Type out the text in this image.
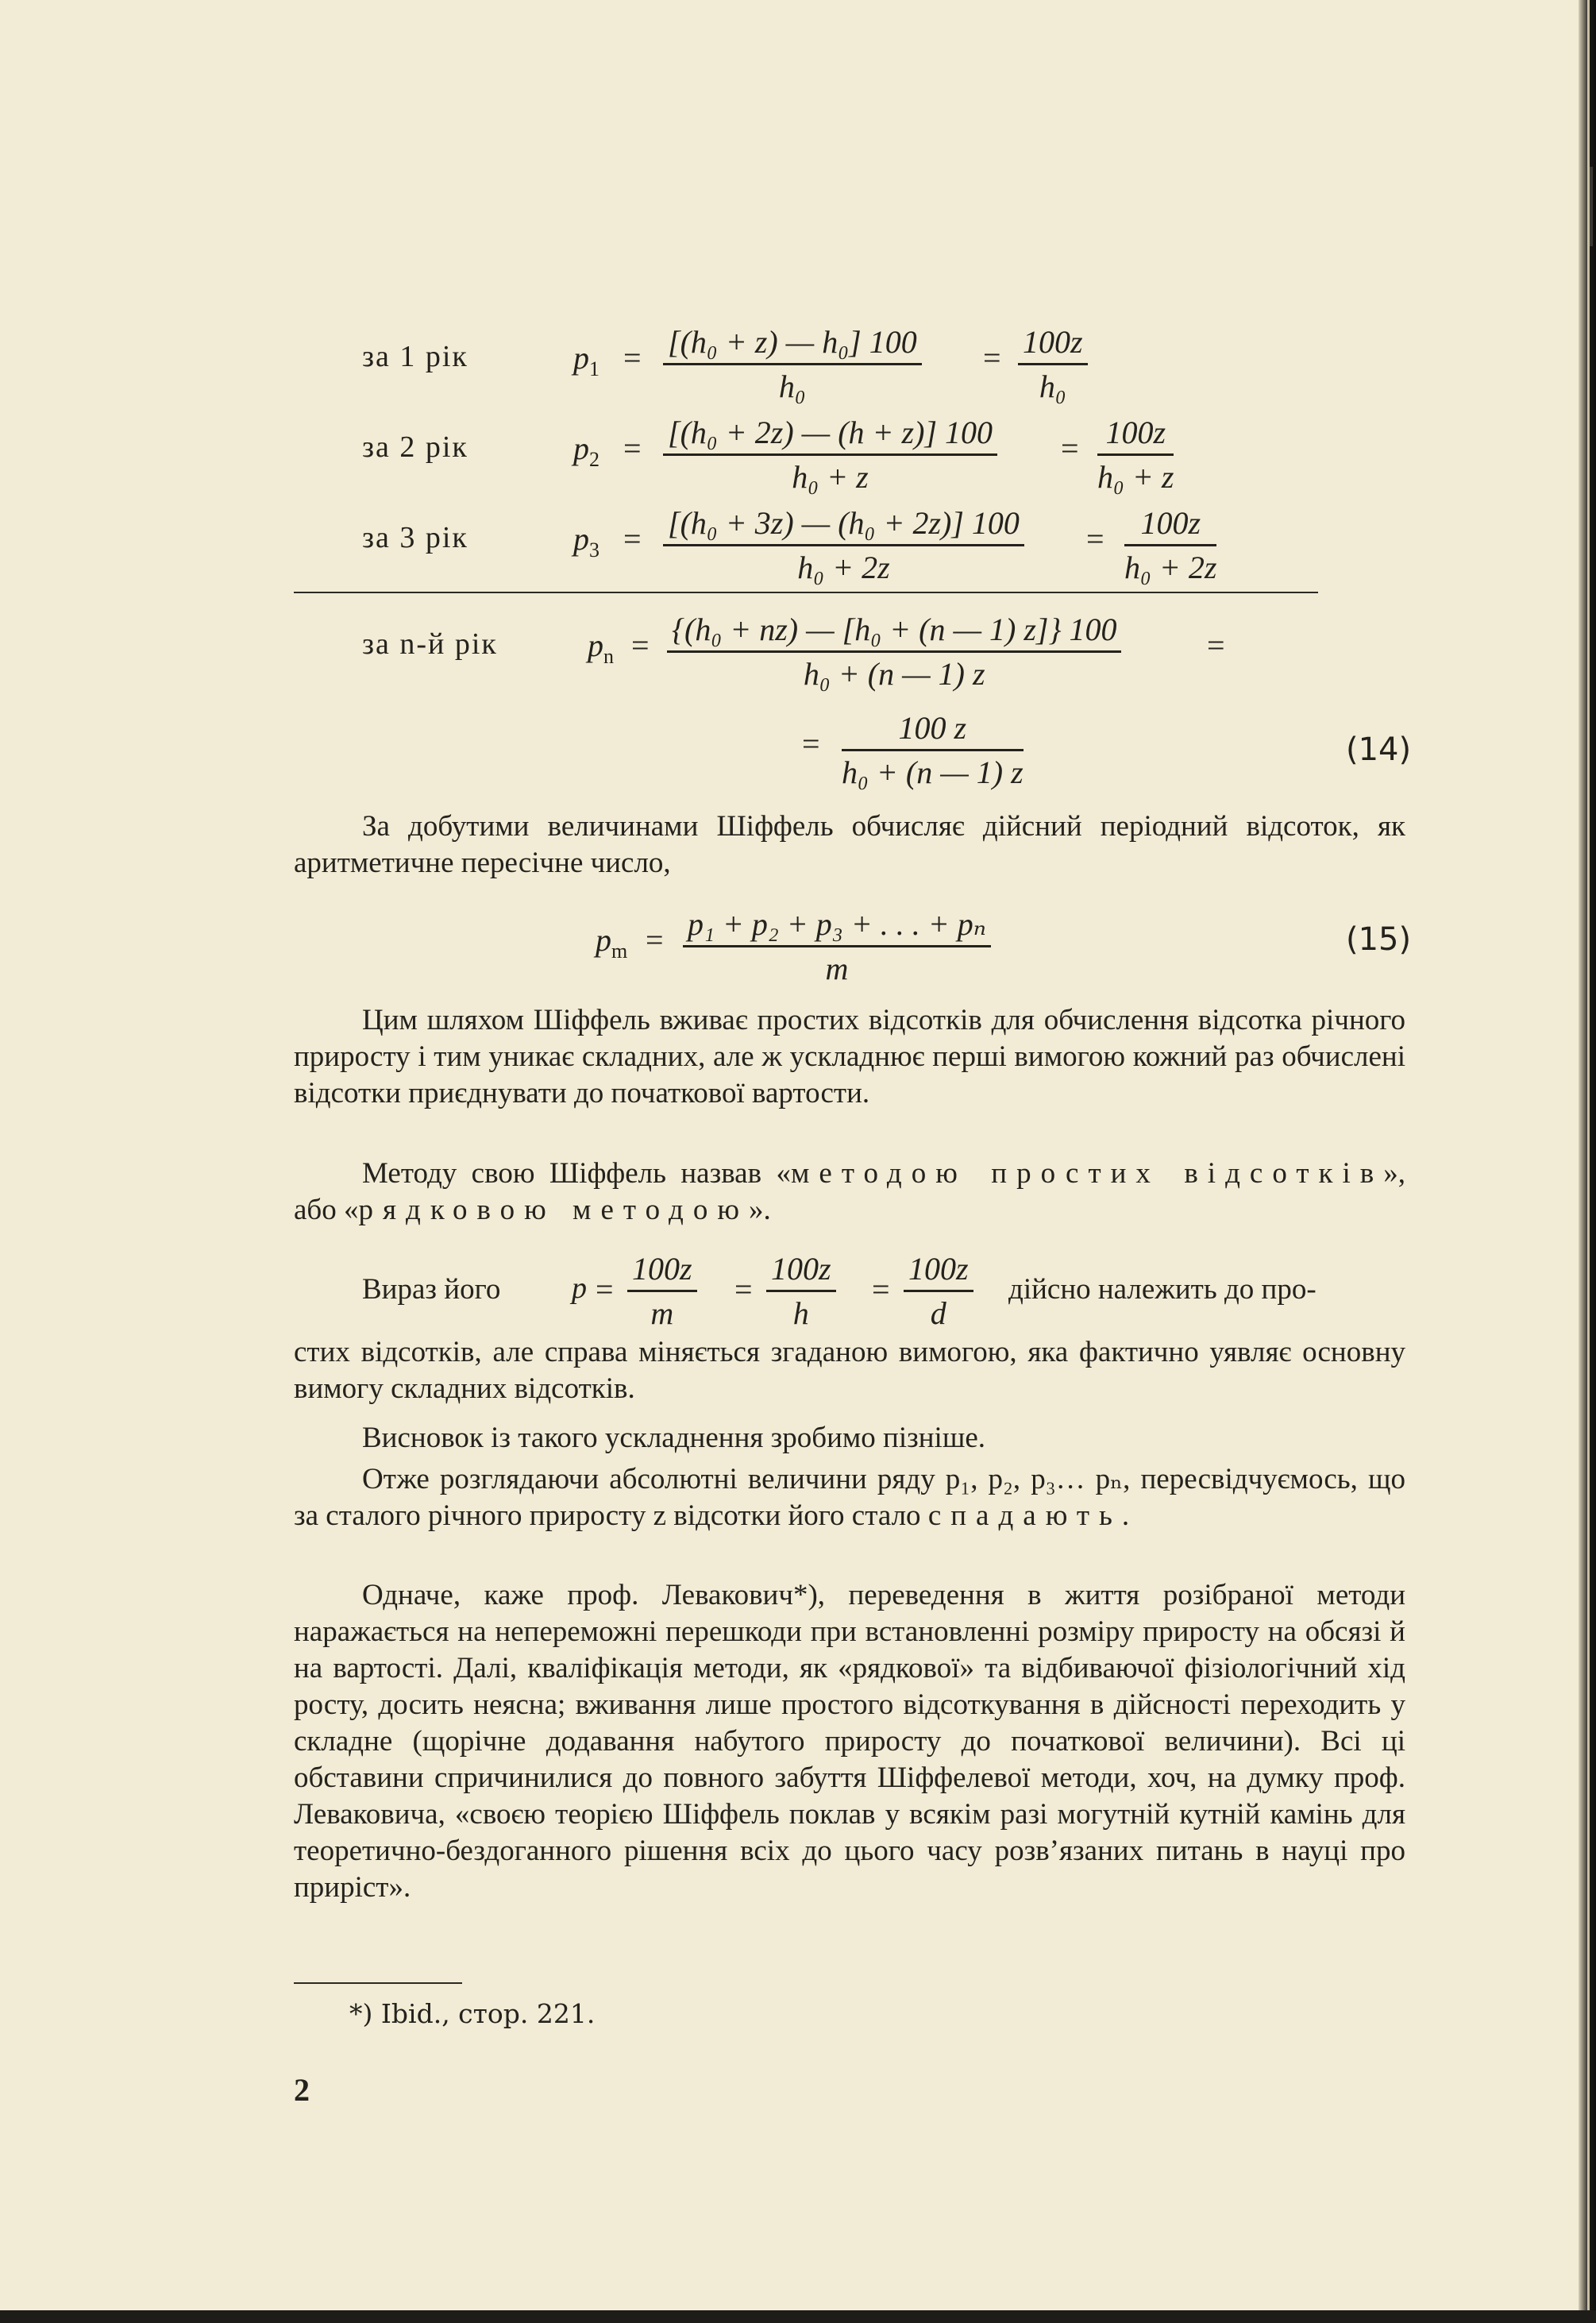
за 1 рік	$p_1 = \frac{\text{[(h₀ + z) — h₀] 100}}{\text{h₀}} = \frac{100z}{\text{h₀}}$
за 2 рік	$p_2 = \frac{\text{[(h₀ + 2z) — (h + z)] 100}}{\text{h₀ + z}} = \frac{100z}{\text{h₀ + z}}$
за 3 рік	$p_3 = \frac{\text{[(h₀ + 3z) — (h₀ + 2z)] 100}}{\text{h₀ + 2z}} = \frac{100z}{\text{h₀ + 2z}}$
за n-й рік	$p_n = \frac{\text{\{(h₀ + nz) — [h₀ + (n — 1) z]\} 100}}{\text{h₀ + (n — 1) z}}$	=
= $\frac{100 z}{\text{h₀ + (n — 1) z}}$	(14)

За добутими величинами Шіффель обчисляє дійсний періодний відсоток, як аритметичне пересічне число,

$p_m = \frac{\text{p₁ + p₂ + p₃ + . . . + pₙ}}{m}$	(15)

Цим шляхом Шіффель вживає простих відсотків для обчислення відсотка річного приросту і тим уникає складних, але ж ускладнює перші вимогою кожний раз обчислені відсотки приєднувати до початкової вартости.

Методу свою Шіффель назвав «методою простих відсотків», або «рядковою методою».

Вираз його $p = \frac{100z}{m} = \frac{100z}{h} = \frac{100z}{d}$ дійсно належить до про-

стих відсотків, але справа міняється згаданою вимогою, яка фактично уявляє основну вимогу складних відсотків.

Висновок із такого ускладнення зробимо пізніше.

Отже розглядаючи абсолютні величини ряду p₁, p₂, p₃… pₙ, пересвідчуємось, що за сталого річного приросту z відсотки його стало спадають.

Одначе, каже проф. Левакович*), переведення в життя розібраної методи наражається на непереможні перешкоди при встановленні розміру приросту на обсязі й на вартості. Далі, кваліфікація методи, як «рядкової» та відбиваючої фізіологічний хід росту, досить неясна; вживання лише простого відсоткування в дійсності переходить у складне (щорічне додавання набутого приросту до початкової величини). Всі ці обставини спричинилися до повного забуття Шіффелевої методи, хоч, на думку проф. Леваковича, «своєю теорією Шіффель поклав у всякім разі могутній кутній камінь для теоретично-бездоганного рішення всіх до цього часу розв’язаних питань в науці про приріст».

*) Ibid., стор. 221.
2
